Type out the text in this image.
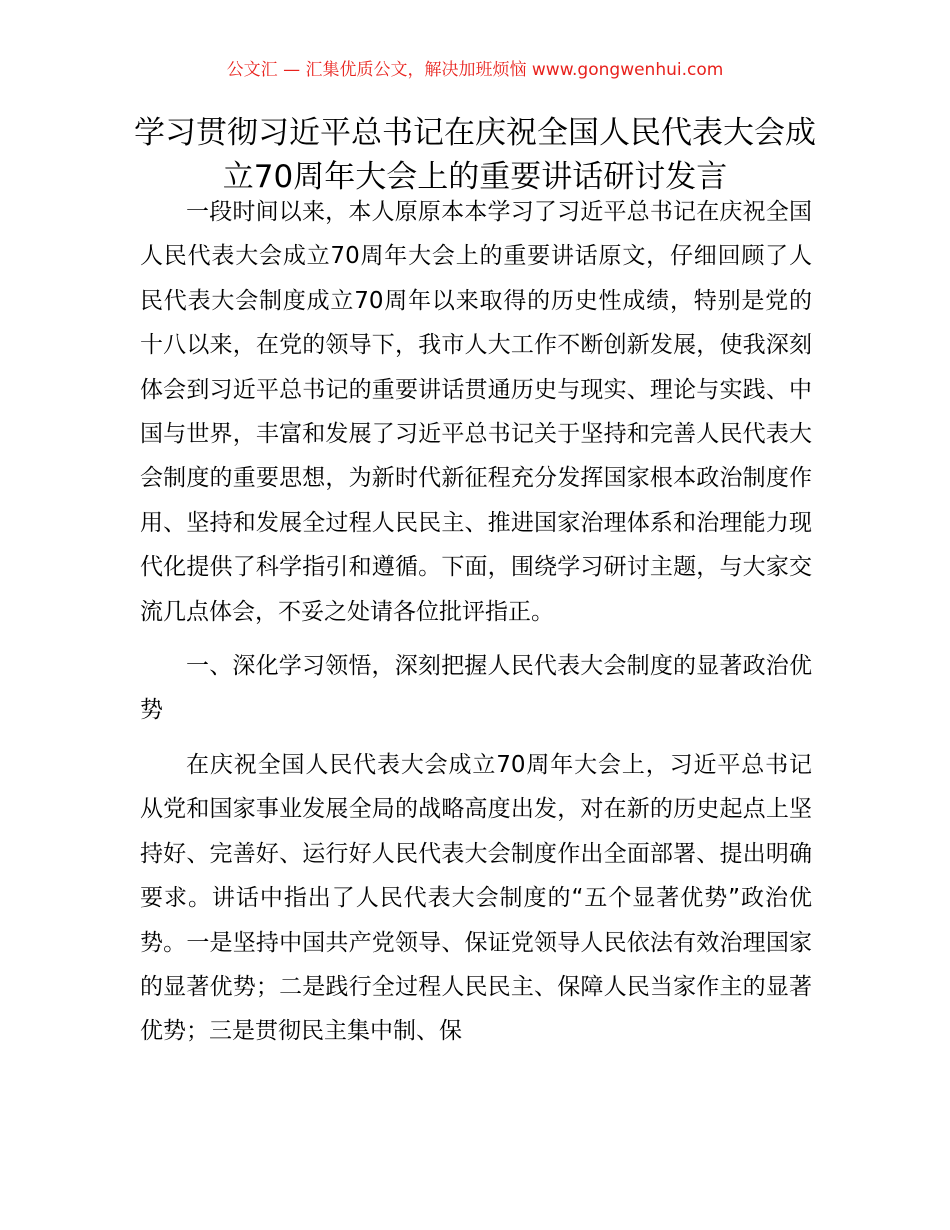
公文汇 — 汇集优质公文，解决加班烦恼 www.gongwenhui.com
学习贯彻习近平总书记在庆祝全国人民代表大会成立70周年大会上的重要讲话研讨发言

一段时间以来，本人原原本本学习了习近平总书记在庆祝全国人民代表大会成立70周年大会上的重要讲话原文，仔细回顾了人民代表大会制度成立70周年以来取得的历史性成绩，特别是党的十八以来，在党的领导下，我市人大工作不断创新发展，使我深刻体会到习近平总书记的重要讲话贯通历史与现实、理论与实践、中国与世界，丰富和发展了习近平总书记关于坚持和完善人民代表大会制度的重要思想，为新时代新征程充分发挥国家根本政治制度作用、坚持和发展全过程人民民主、推进国家治理体系和治理能力现代化提供了科学指引和遵循。下面，围绕学习研讨主题，与大家交流几点体会，不妥之处请各位批评指正。

一、深化学习领悟，深刻把握人民代表大会制度的显著政治优势

在庆祝全国人民代表大会成立70周年大会上，习近平总书记从党和国家事业发展全局的战略高度出发，对在新的历史起点上坚持好、完善好、运行好人民代表大会制度作出全面部署、提出明确要求。讲话中指出了人民代表大会制度的“五个显著优势”政治优势。一是坚持中国共产党领导、保证党领导人民依法有效治理国家的显著优势；二是践行全过程人民民主、保障人民当家作主的显著优势；三是贯彻民主集中制、保
